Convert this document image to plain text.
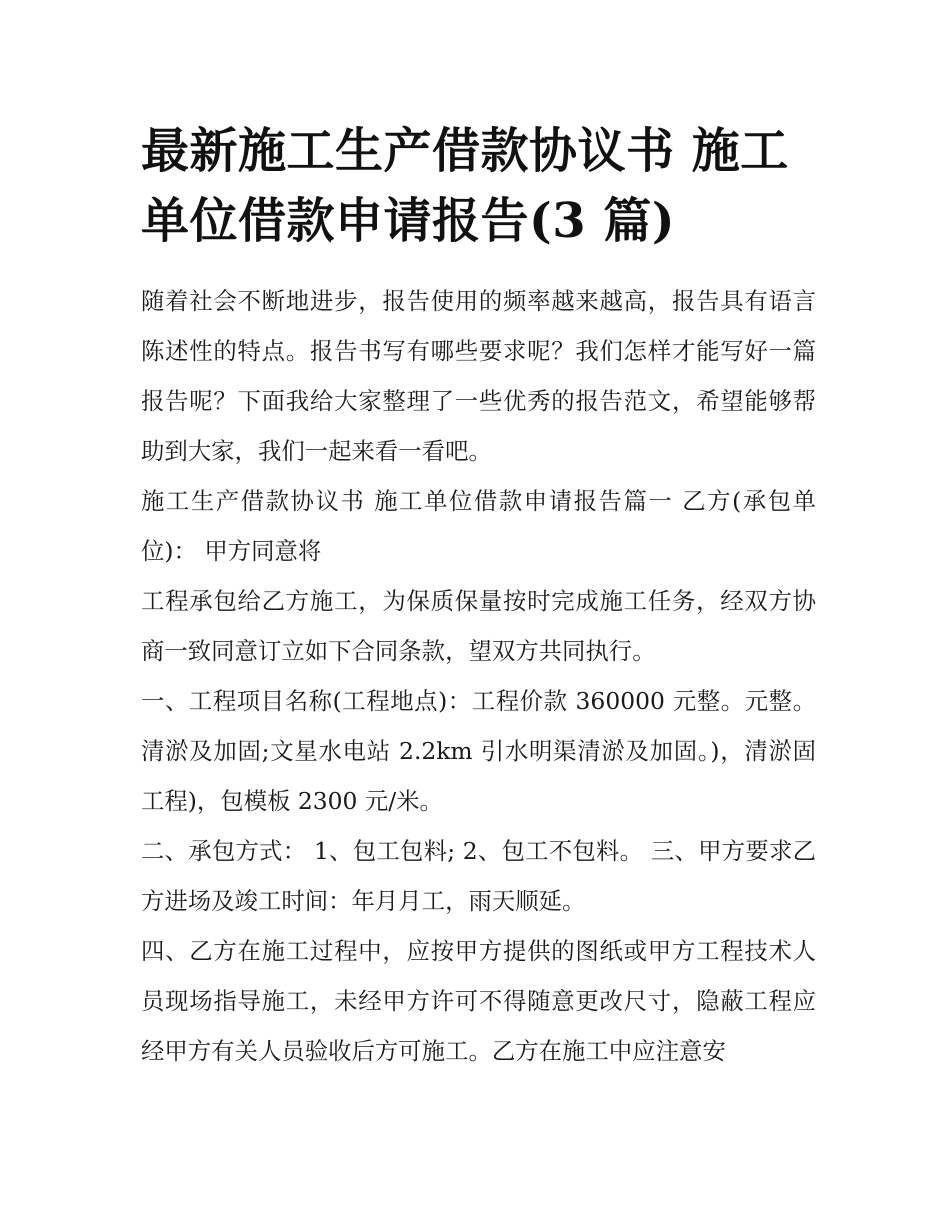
最新施工生产借款协议书 施工单位借款申请报告(3 篇)

随着社会不断地进步，报告使用的频率越来越高，报告具有语言陈述性的特点。报告书写有哪些要求呢？我们怎样才能写好一篇报告呢？下面我给大家整理了一些优秀的报告范文，希望能够帮助到大家，我们一起来看一看吧。

施工生产借款协议书 施工单位借款申请报告篇一 乙方(承包单位)： 甲方同意将

工程承包给乙方施工，为保质保量按时完成施工任务，经双方协商一致同意订立如下合同条款，望双方共同执行。

一、工程项目名称(工程地点)：工程价款 360000 元整。元整。清淤及加固;文星水电站 2.2km 引水明渠清淤及加固。)，清淤固工程)，包模板 2300 元/米。

二、承包方式： 1、包工包料; 2、包工不包料。 三、甲方要求乙方进场及竣工时间：年月月工，雨天顺延。

四、乙方在施工过程中，应按甲方提供的图纸或甲方工程技术人员现场指导施工，未经甲方许可不得随意更改尺寸，隐蔽工程应经甲方有关人员验收后方可施工。乙方在施工中应注意安
